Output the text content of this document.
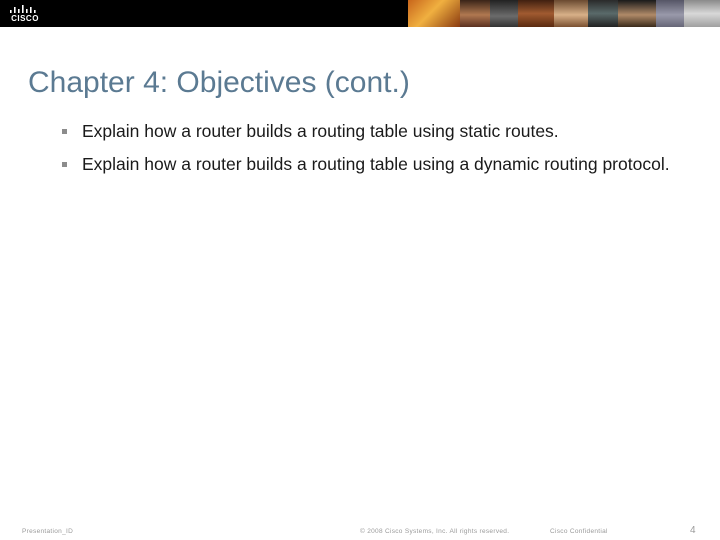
CISCO
Chapter 4: Objectives (cont.)
Explain how a router builds a routing table using static routes.
Explain how a router builds a routing table using a dynamic routing protocol.
Presentation_ID	© 2008 Cisco Systems, Inc. All rights reserved.	Cisco Confidential	4
